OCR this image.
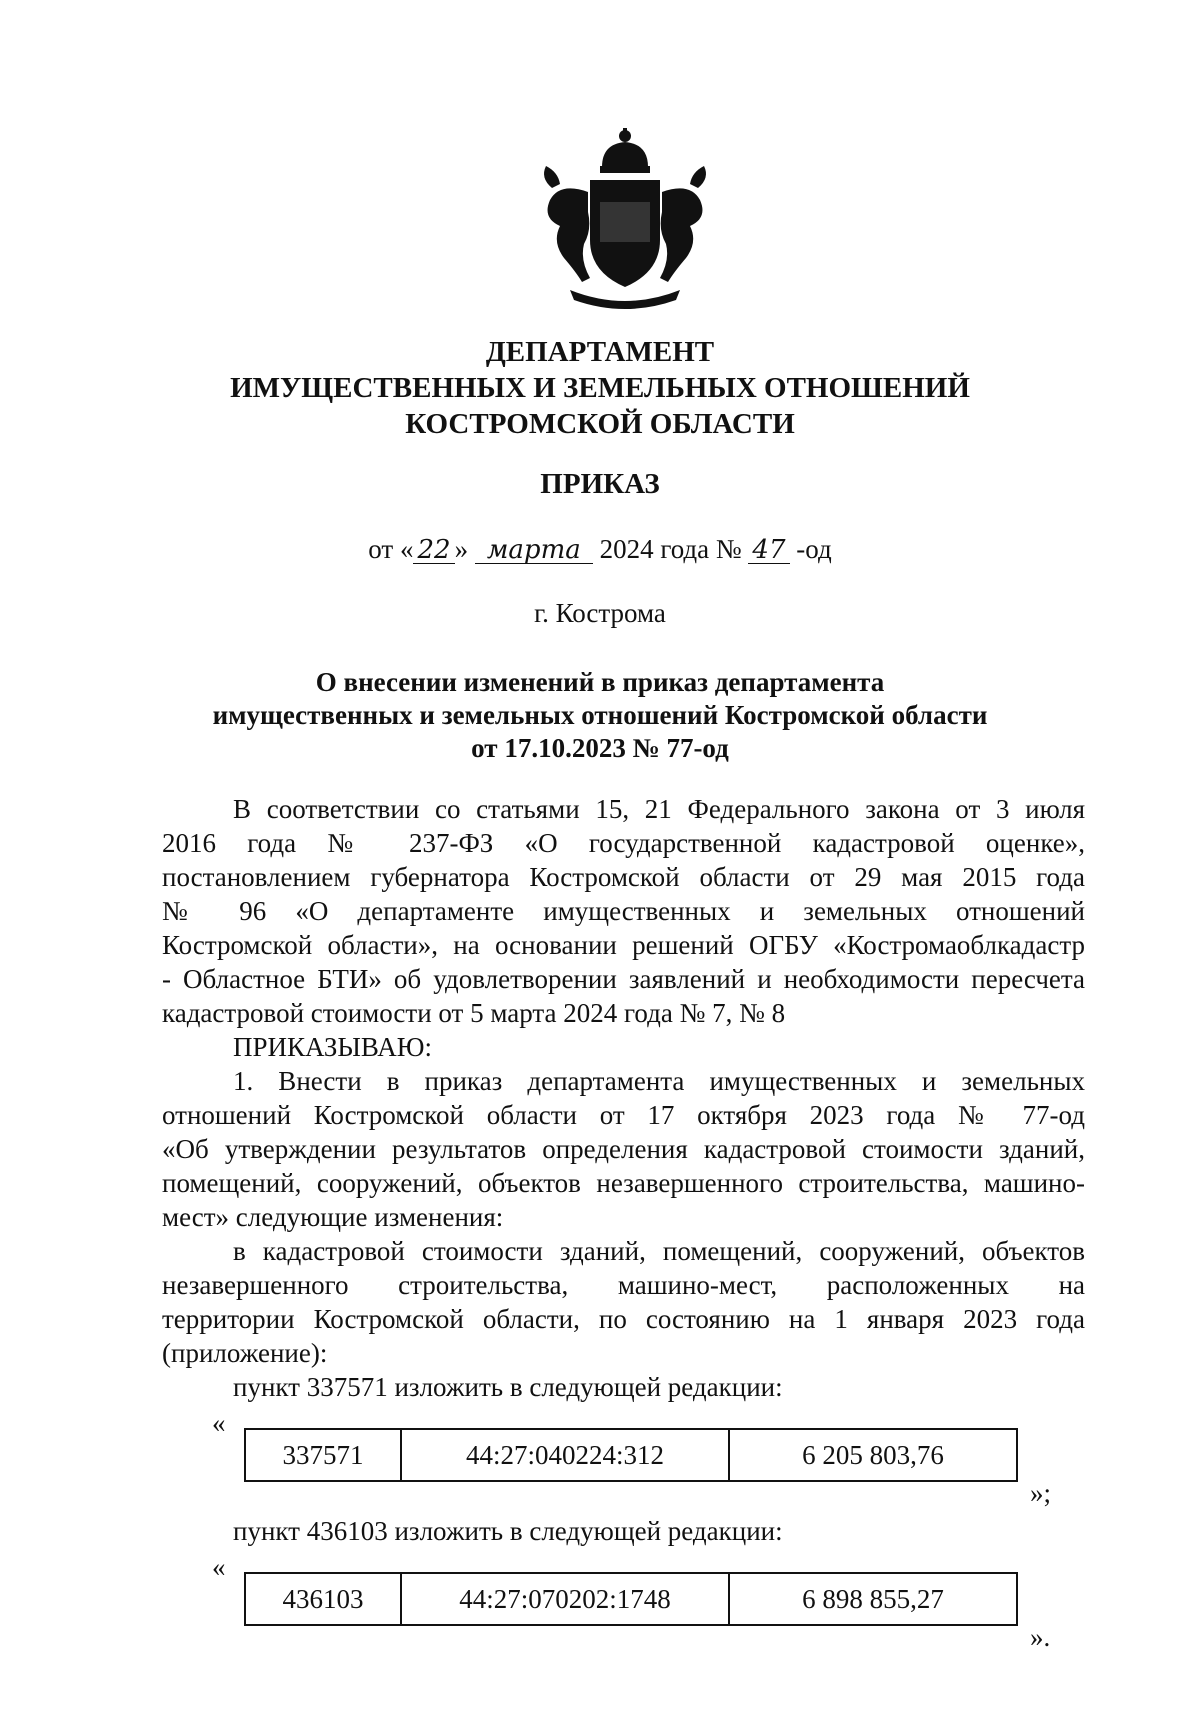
ДЕПАРТАМЕНТ
ИМУЩЕСТВЕННЫХ И ЗЕМЕЛЬНЫХ ОТНОШЕНИЙ
КОСТРОМСКОЙ ОБЛАСТИ
ПРИКАЗ
от « 22 » марта 2024 года № 47 -од
г. Кострома
О внесении изменений в приказ департамента
имущественных и земельных отношений Костромской области
от 17.10.2023 № 77-од
В соответствии со статьями 15, 21 Федерального закона от 3 июля
2016 года № 237-ФЗ «О государственной кадастровой оценке»,
постановлением губернатора Костромской области от 29 мая 2015 года
№ 96 «О департаменте имущественных и земельных отношений
Костромской области», на основании решений ОГБУ «Костромаоблкадастр
- Областное БТИ» об удовлетворении заявлений и необходимости пересчета
кадастровой стоимости от 5 марта 2024 года № 7, № 8
ПРИКАЗЫВАЮ:
1. Внести в приказ департамента имущественных и земельных
отношений Костромской области от 17 октября 2023 года № 77-од
«Об утверждении результатов определения кадастровой стоимости зданий,
помещений, сооружений, объектов незавершенного строительства, машино-
мест» следующие изменения:
в кадастровой стоимости зданий, помещений, сооружений, объектов
незавершенного строительства, машино-мест, расположенных на
территории Костромской области, по состоянию на 1 января 2023 года
(приложение):
пункт 337571 изложить в следующей редакции:
«
337571	44:27:040224:312	6 205 803,76
»;
пункт 436103 изложить в следующей редакции:
«
436103	44:27:070202:1748	6 898 855,27
».
